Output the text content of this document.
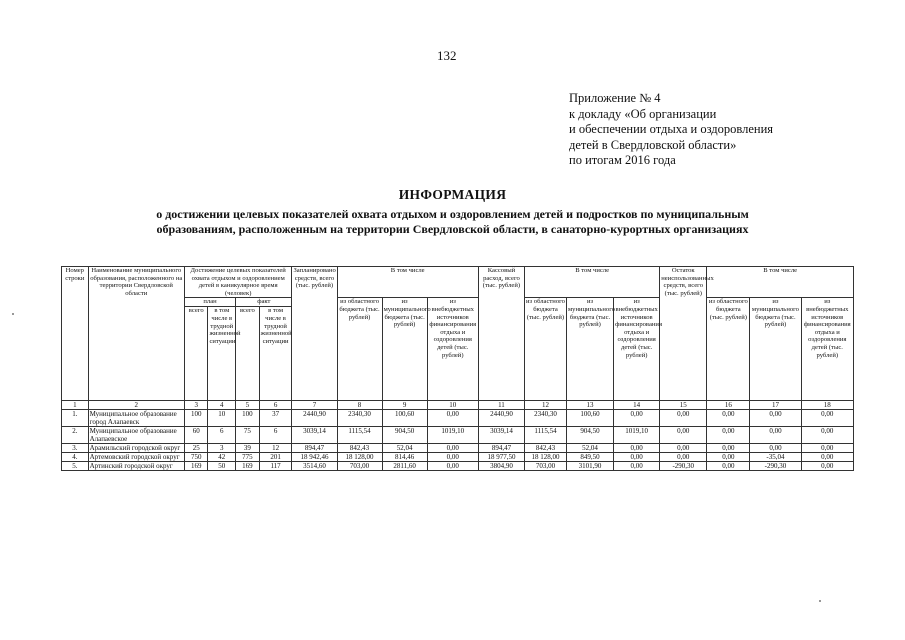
132
Приложение № 4
к докладу «Об организации
и обеспечении отдыха и оздоровления
детей в Свердловской области»
по итогам 2016 года
ИНФОРМАЦИЯ
о достижении целевых показателей охвата отдыхом и оздоровлением детей и подростков по муниципальным
образованиям, расположенным на территории Свердловской области, в санаторно-курортных организациях
Номер строки	Наименование муниципального образования, расположенного на территории Свердловской области	Достижение целевых показателей охвата отдыхом и оздоровлением детей в каникулярное время (человек)				Запланировано средств, всего (тыс. рублей)	В том числе			Кассовый расход, всего (тыс. рублей)	В том числе			Остаток неиспользованных средств, всего (тыс. рублей)	В том числе		
		план		факт			из областного бюджета (тыс. рублей)	из муниципального бюджета (тыс. рублей)	из внебюджетных источников финансирования отдыха и оздоровления детей (тыс. рублей)		из областного бюджета (тыс. рублей)	из муниципального бюджета (тыс. рублей)	из внебюджетных источников финансирования отдыха и оздоровления детей (тыс. рублей)		из областного бюджета (тыс. рублей)	из муниципального бюджета (тыс. рублей)	из внебюджетных источников финансирования отдыха и оздоровления детей (тыс. рублей)
		всего	в том числе в трудной жизненной ситуации	всего	в том числе в трудной жизненной ситуации												
1	2	3	4	5	6	7	8	9	10	11	12	13	14	15	16	17	18
1.	Муниципальное образование город Алапаевск	100	10	100	37	2440,90	2340,30	100,60	0,00	2440,90	2340,30	100,60	0,00	0,00	0,00	0,00	0,00
2.	Муниципальное образование Алапаевское	60	6	75	6	3039,14	1115,54	904,50	1019,10	3039,14	1115,54	904,50	1019,10	0,00	0,00	0,00	0,00
3.	Арамильский городской округ	25	3	39	12	894,47	842,43	52,04	0,00	894,47	842,43	52,04	0,00	0,00	0,00	0,00	0,00
4.	Артемовский городской округ	750	42	775	201	18 942,46	18 128,00	814,46	0,00	18 977,50	18 128,00	849,50	0,00	0,00	0,00	-35,04	0,00
5.	Артинский городской округ	169	50	169	117	3514,60	703,00	2811,60	0,00	3804,90	703,00	3101,90	0,00	-290,30	0,00	-290,30	0,00
